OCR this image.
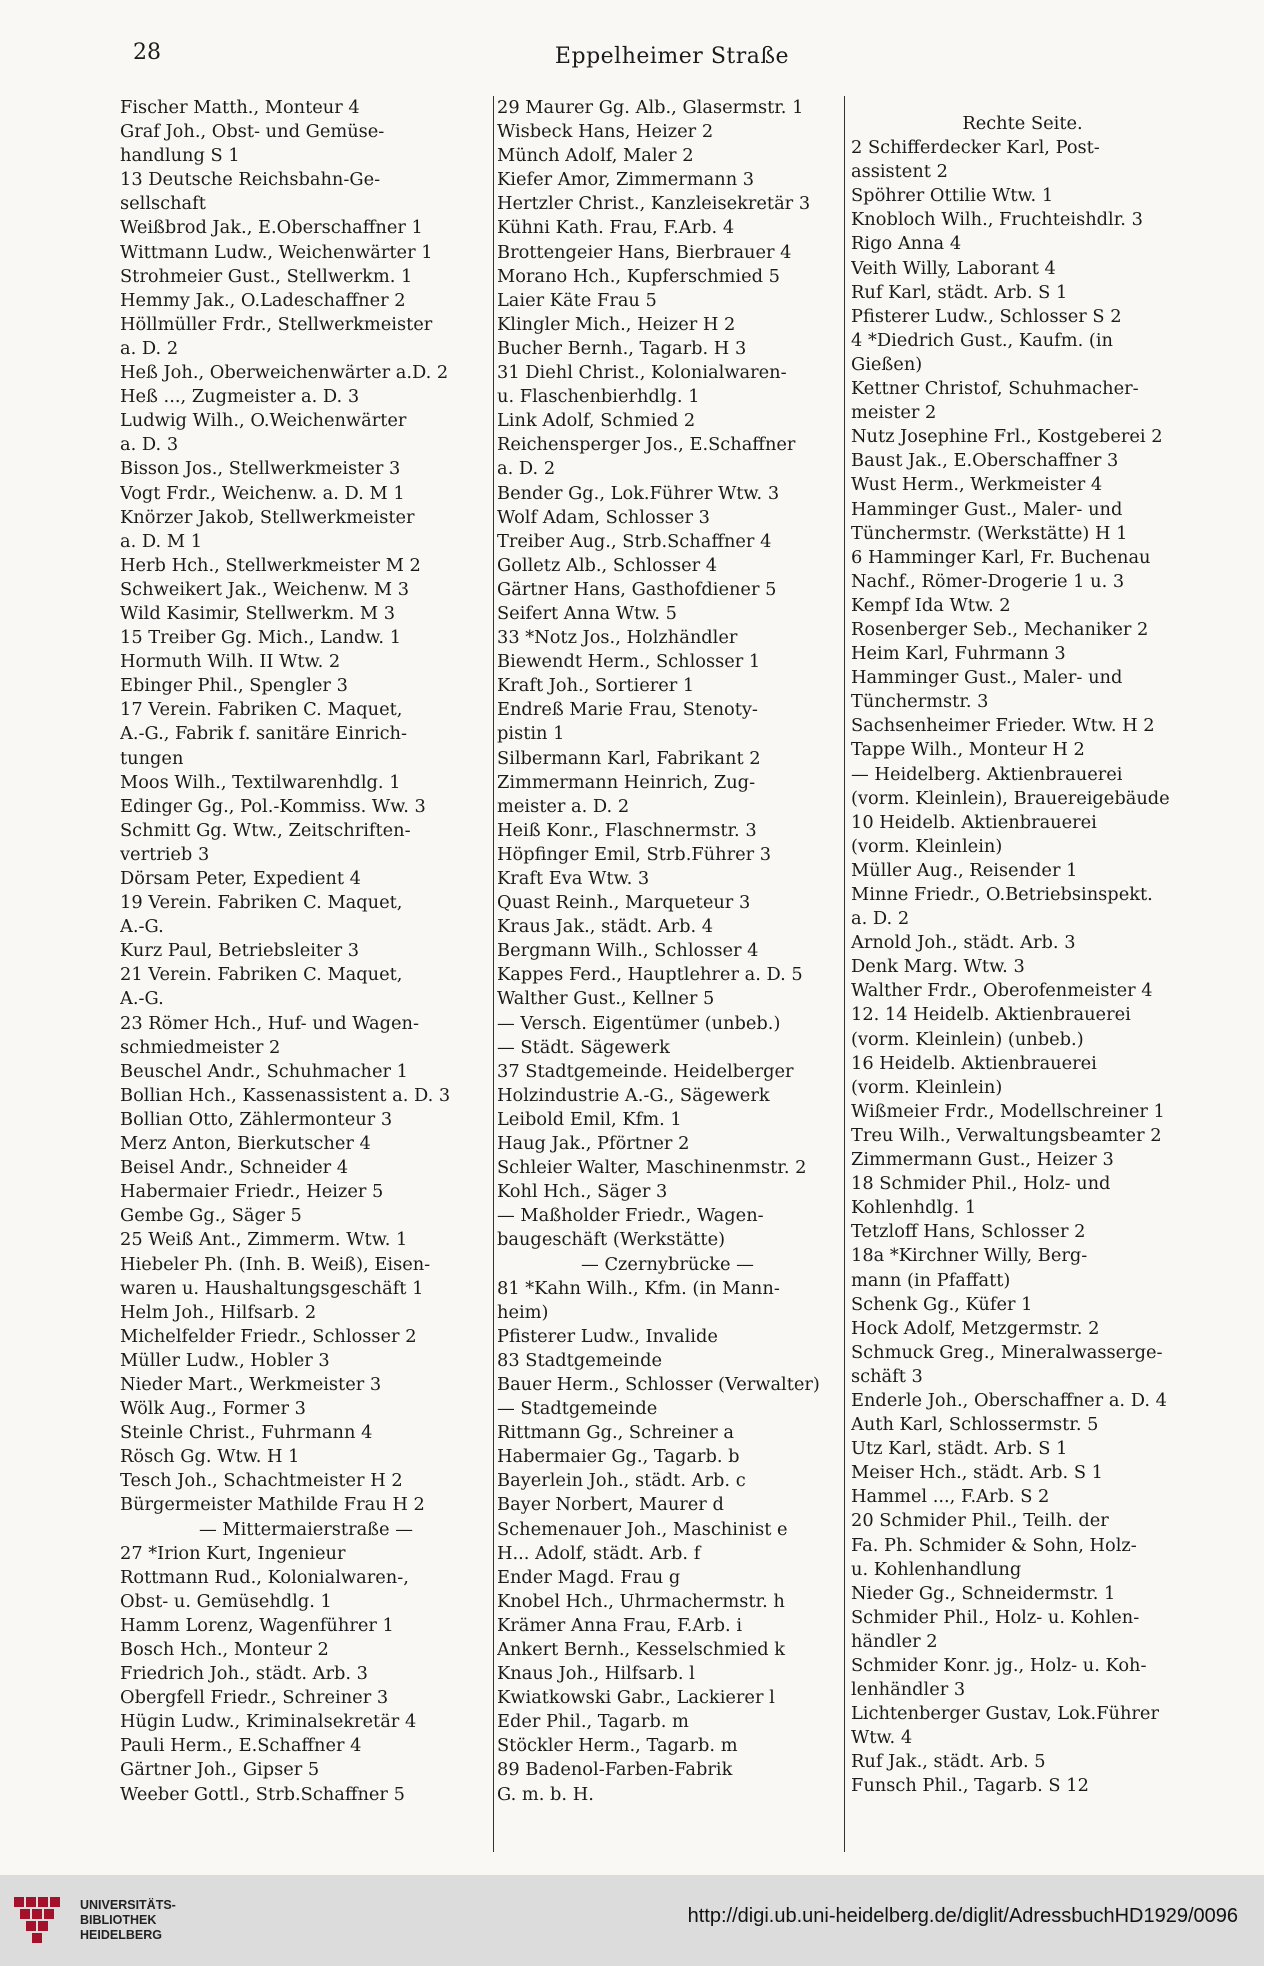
28	Eppelheimer Straße
Fischer Matth., Monteur 4
Graf Joh., Obst- und Gemüse-
handlung S 1
13 Deutsche Reichsbahn-Ge-
sellschaft
Weißbrod Jak., E.Oberschaffner 1
Wittmann Ludw., Weichenwärter 1
Strohmeier Gust., Stellwerkm. 1
Hemmy Jak., O.Ladeschaffner 2
Höllmüller Frdr., Stellwerkmeister
a. D. 2
Heß Joh., Oberweichenwärter a.D. 2
Heß ..., Zugmeister a. D. 3
Ludwig Wilh., O.Weichenwärter
a. D. 3
Bisson Jos., Stellwerkmeister 3
Vogt Frdr., Weichenw. a. D. M 1
Knörzer Jakob, Stellwerkmeister
a. D. M 1
Herb Hch., Stellwerkmeister M 2
Schweikert Jak., Weichenw. M 3
Wild Kasimir, Stellwerkm. M 3
15 Treiber Gg. Mich., Landw. 1
Hormuth Wilh. II Wtw. 2
Ebinger Phil., Spengler 3
17 Verein. Fabriken C. Maquet,
A.-G., Fabrik f. sanitäre Einrich-
tungen
Moos Wilh., Textilwarenhdlg. 1
Edinger Gg., Pol.-Kommiss. Ww. 3
Schmitt Gg. Wtw., Zeitschriften-
vertrieb 3
Dörsam Peter, Expedient 4
19 Verein. Fabriken C. Maquet,
A.-G.
Kurz Paul, Betriebsleiter 3
21 Verein. Fabriken C. Maquet,
A.-G.
23 Römer Hch., Huf- und Wagen-
schmiedmeister 2
Beuschel Andr., Schuhmacher 1
Bollian Hch., Kassenassistent a. D. 3
Bollian Otto, Zählermonteur 3
Merz Anton, Bierkutscher 4
Beisel Andr., Schneider 4
Habermaier Friedr., Heizer 5
Gembe Gg., Säger 5
25 Weiß Ant., Zimmerm. Wtw. 1
Hiebeler Ph. (Inh. B. Weiß), Eisen-
waren u. Haushaltungsgeschäft 1
Helm Joh., Hilfsarb. 2
Michelfelder Friedr., Schlosser 2
Müller Ludw., Hobler 3
Nieder Mart., Werkmeister 3
Wölk Aug., Former 3
Steinle Christ., Fuhrmann 4
Rösch Gg. Wtw. H 1
Tesch Joh., Schachtmeister H 2
Bürgermeister Mathilde Frau H 2
— Mittermaierstraße —
27 *Irion Kurt, Ingenieur
Rottmann Rud., Kolonialwaren-,
Obst- u. Gemüsehdlg. 1
Hamm Lorenz, Wagenführer 1
Bosch Hch., Monteur 2
Friedrich Joh., städt. Arb. 3
Obergfell Friedr., Schreiner 3
Hügin Ludw., Kriminalsekretär 4
Pauli Herm., E.Schaffner 4
Gärtner Joh., Gipser 5
Weeber Gottl., Strb.Schaffner 5
29 Maurer Gg. Alb., Glasermstr. 1
Wisbeck Hans, Heizer 2
Münch Adolf, Maler 2
Kiefer Amor, Zimmermann 3
Hertzler Christ., Kanzleisekretär 3
Kühni Kath. Frau, F.Arb. 4
Brottengeier Hans, Bierbrauer 4
Morano Hch., Kupferschmied 5
Laier Käte Frau 5
Klingler Mich., Heizer H 2
Bucher Bernh., Tagarb. H 3
31 Diehl Christ., Kolonialwaren-
u. Flaschenbierhdlg. 1
Link Adolf, Schmied 2
Reichensperger Jos., E.Schaffner
a. D. 2
Bender Gg., Lok.Führer Wtw. 3
Wolf Adam, Schlosser 3
Treiber Aug., Strb.Schaffner 4
Golletz Alb., Schlosser 4
Gärtner Hans, Gasthofdiener 5
Seifert Anna Wtw. 5
33 *Notz Jos., Holzhändler
Biewendt Herm., Schlosser 1
Kraft Joh., Sortierer 1
Endreß Marie Frau, Stenoty-
pistin 1
Silbermann Karl, Fabrikant 2
Zimmermann Heinrich, Zug-
meister a. D. 2
Heiß Konr., Flaschnermstr. 3
Höpfinger Emil, Strb.Führer 3
Kraft Eva Wtw. 3
Quast Reinh., Marqueteur 3
Kraus Jak., städt. Arb. 4
Bergmann Wilh., Schlosser 4
Kappes Ferd., Hauptlehrer a. D. 5
Walther Gust., Kellner 5
— Versch. Eigentümer (unbeb.)
— Städt. Sägewerk
37 Stadtgemeinde. Heidelberger
Holzindustrie A.-G., Sägewerk
Leibold Emil, Kfm. 1
Haug Jak., Pförtner 2
Schleier Walter, Maschinenmstr. 2
Kohl Hch., Säger 3
— Maßholder Friedr., Wagen-
baugeschäft (Werkstätte)
— Czernybrücke —
81 *Kahn Wilh., Kfm. (in Mann-
heim)
Pfisterer Ludw., Invalide
83 Stadtgemeinde
Bauer Herm., Schlosser (Verwalter)
— Stadtgemeinde
Rittmann Gg., Schreiner a
Habermaier Gg., Tagarb. b
Bayerlein Joh., städt. Arb. c
Bayer Norbert, Maurer d
Schemenauer Joh., Maschinist e
H... Adolf, städt. Arb. f
Ender Magd. Frau g
Knobel Hch., Uhrmachermstr. h
Krämer Anna Frau, F.Arb. i
Ankert Bernh., Kesselschmied k
Knaus Joh., Hilfsarb. l
Kwiatkowski Gabr., Lackierer l
Eder Phil., Tagarb. m
Stöckler Herm., Tagarb. m
89 Badenol-Farben-Fabrik
G. m. b. H.
Rechte Seite.
2 Schifferdecker Karl, Post-
assistent 2
Spöhrer Ottilie Wtw. 1
Knobloch Wilh., Fruchteishdlr. 3
Rigo Anna 4
Veith Willy, Laborant 4
Ruf Karl, städt. Arb. S 1
Pfisterer Ludw., Schlosser S 2
4 *Diedrich Gust., Kaufm. (in
Gießen)
Kettner Christof, Schuhmacher-
meister 2
Nutz Josephine Frl., Kostgeberei 2
Baust Jak., E.Oberschaffner 3
Wust Herm., Werkmeister 4
Hamminger Gust., Maler- und
Tünchermstr. (Werkstätte) H 1
6 Hamminger Karl, Fr. Buchenau
Nachf., Römer-Drogerie 1 u. 3
Kempf Ida Wtw. 2
Rosenberger Seb., Mechaniker 2
Heim Karl, Fuhrmann 3
Hamminger Gust., Maler- und
Tünchermstr. 3
Sachsenheimer Frieder. Wtw. H 2
Tappe Wilh., Monteur H 2
— Heidelberg. Aktienbrauerei
(vorm. Kleinlein), Brauereigebäude
10 Heidelb. Aktienbrauerei
(vorm. Kleinlein)
Müller Aug., Reisender 1
Minne Friedr., O.Betriebsinspekt.
a. D. 2
Arnold Joh., städt. Arb. 3
Denk Marg. Wtw. 3
Walther Frdr., Oberofenmeister 4
12. 14 Heidelb. Aktienbrauerei
(vorm. Kleinlein) (unbeb.)
16 Heidelb. Aktienbrauerei
(vorm. Kleinlein)
Wißmeier Frdr., Modellschreiner 1
Treu Wilh., Verwaltungsbeamter 2
Zimmermann Gust., Heizer 3
18 Schmider Phil., Holz- und
Kohlenhdlg. 1
Tetzloff Hans, Schlosser 2
18a *Kirchner Willy, Berg-
mann (in Pfaffatt)
Schenk Gg., Küfer 1
Hock Adolf, Metzgermstr. 2
Schmuck Greg., Mineralwasserge-
schäft 3
Enderle Joh., Oberschaffner a. D. 4
Auth Karl, Schlossermstr. 5
Utz Karl, städt. Arb. S 1
Meiser Hch., städt. Arb. S 1
Hammel ..., F.Arb. S 2
20 Schmider Phil., Teilh. der
Fa. Ph. Schmider & Sohn, Holz-
u. Kohlenhandlung
Nieder Gg., Schneidermstr. 1
Schmider Phil., Holz- u. Kohlen-
händler 2
Schmider Konr. jg., Holz- u. Koh-
lenhändler 3
Lichtenberger Gustav, Lok.Führer
Wtw. 4
Ruf Jak., städt. Arb. 5
Funsch Phil., Tagarb. S 12
UNIVERSITÄTS-
BIBLIOTHEK
HEIDELBERG
http://digi.ub.uni-heidelberg.de/diglit/AdressbuchHD1929/0096
